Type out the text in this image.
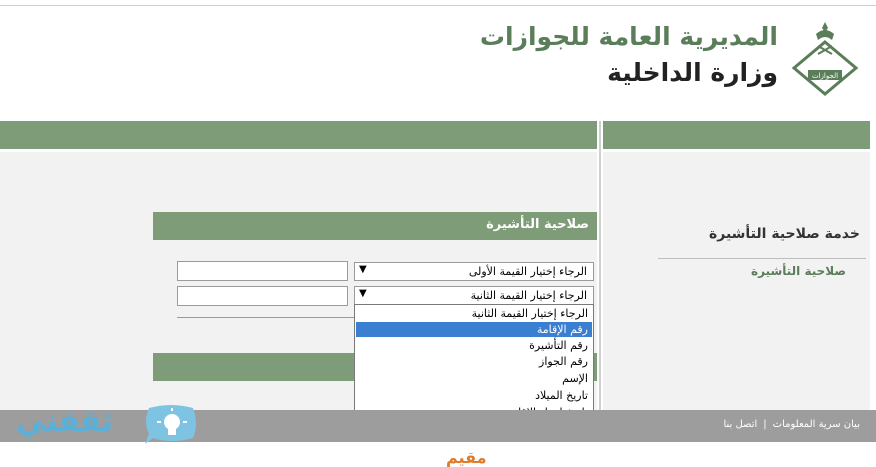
المديرية العامة للجوازات
وزارة الداخلية	الجوازات
خدمة صلاحية التأشيرة
صلاحية التأشيرة
صلاحية التأشيرة
▼	الرجاء إختيار القيمة الأولى
▼	الرجاء إختيار القيمة الثانية
الرجاء إختيار القيمة الثانية
رقم الإقامة
رقم التأشيرة
رقم الجواز
الإسم
تاريخ الميلاد
بيان سرية المعلومات|اتصل بنا
ثقفني
مقيم
